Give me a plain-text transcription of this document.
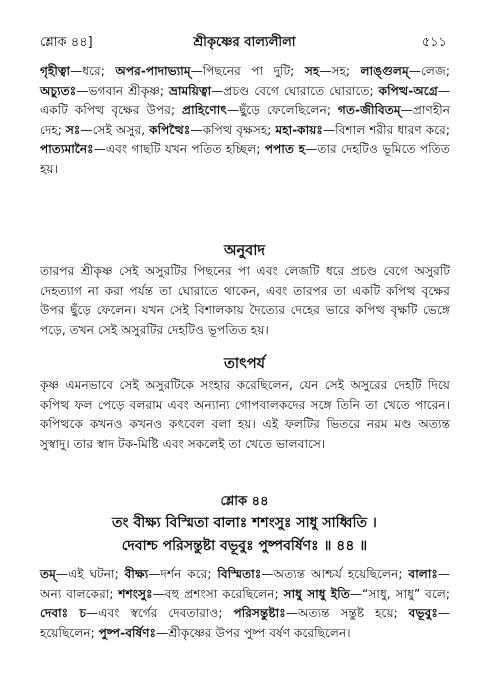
শ্লোক ৪৪]	শ্রীকৃষ্ণের বাল্যলীলা	৫১১

গৃহীত্বা—ধরে; অপর-পাদাভ্যাম্—পিছনের পা দুটি; সহ—সহ; লাঙ্গুলম্—লেজ; অচ্যুতঃ—ভগবান শ্রীকৃষ্ণ; ভ্রাময়িত্বা—প্রচণ্ড বেগে ঘোরাতে ঘোরাতে; কপিত্থ-অগ্রে—একটি কপিত্থ বৃক্ষের উপর; প্রাহিণোৎ—ছুঁড়ে ফেলেছিলেন; গত-জীবিতম্—প্রাণহীন দেহ; সঃ—সেই অসুর, কপিত্থৈঃ—কপিত্থ বৃক্ষসহ; মহা-কায়ঃ—বিশাল শরীর ধারণ করে; পাত্যমানৈঃ—এবং গাছটি যখন পতিত হচ্ছিল; পপাত হ—তার দেহটিও ভূমিতে পতিত হয়।

অনুবাদ

তারপর শ্রীকৃষ্ণ সেই অসুরটির পিছনের পা এবং লেজটি ধরে প্রচণ্ড বেগে অসুরটি দেহত্যাগ না করা পর্যন্ত তা ঘোরাতে থাকেন, এবং তারপর তা একটি কপিত্থ বৃক্ষের উপর ছুঁড়ে ফেলেন। যখন সেই বিশালকায় দৈত্যের দেহের ভারে কপিত্থ বৃক্ষটি ভেঙ্গে পড়ে, তখন সেই অসুরটির দেহটিও ভূপতিত হয়।

তাৎপর্য

কৃষ্ণ এমনভাবে সেই অসুরটিকে সংহার করেছিলেন, যেন সেই অসুরের দেহটি দিয়ে কপিত্থ ফল পেড়ে বলরাম এবং অন্যান্য গোপবালকদের সঙ্গে তিনি তা খেতে পারেন। কপিত্থকে কখনও কখনও কৎবেল বলা হয়। এই ফলটির ভিতরে নরম মণ্ড অত্যন্ত সুস্বাদু। তার স্বাদ টক-মিষ্টি এবং সকলেই তা খেতে ভালবাসে।

শ্লোক ৪৪
তং বীক্ষ্য বিস্মিতা বালাঃ শশংসুঃ সাধু সাধ্বিতি ।
দেবাশ্চ পরিসন্তুষ্টা বভূবুঃ পুষ্পবর্ষিণঃ ॥ ৪৪ ॥

তম্—এই ঘটনা; বীক্ষ্য—দর্শন করে; বিস্মিতাঃ—অত্যন্ত আশ্চর্য হয়েছিলেন; বালাঃ—অন্য বালকেরা; শশংসুঃ—বহু প্রশংসা করেছিলেন; সাধু সাধু ইতি—“সাধু, সাধু” বলে; দেবাঃ চ—এবং স্বর্গের দেবতারাও; পরিসন্তুষ্টাঃ—অত্যন্ত সন্তুষ্ট হয়ে; বভূবুঃ—হয়েছিলেন; পুষ্প-বর্ষিণঃ—শ্রীকৃষ্ণের উপর পুষ্প বর্ষণ করেছিলেন।
